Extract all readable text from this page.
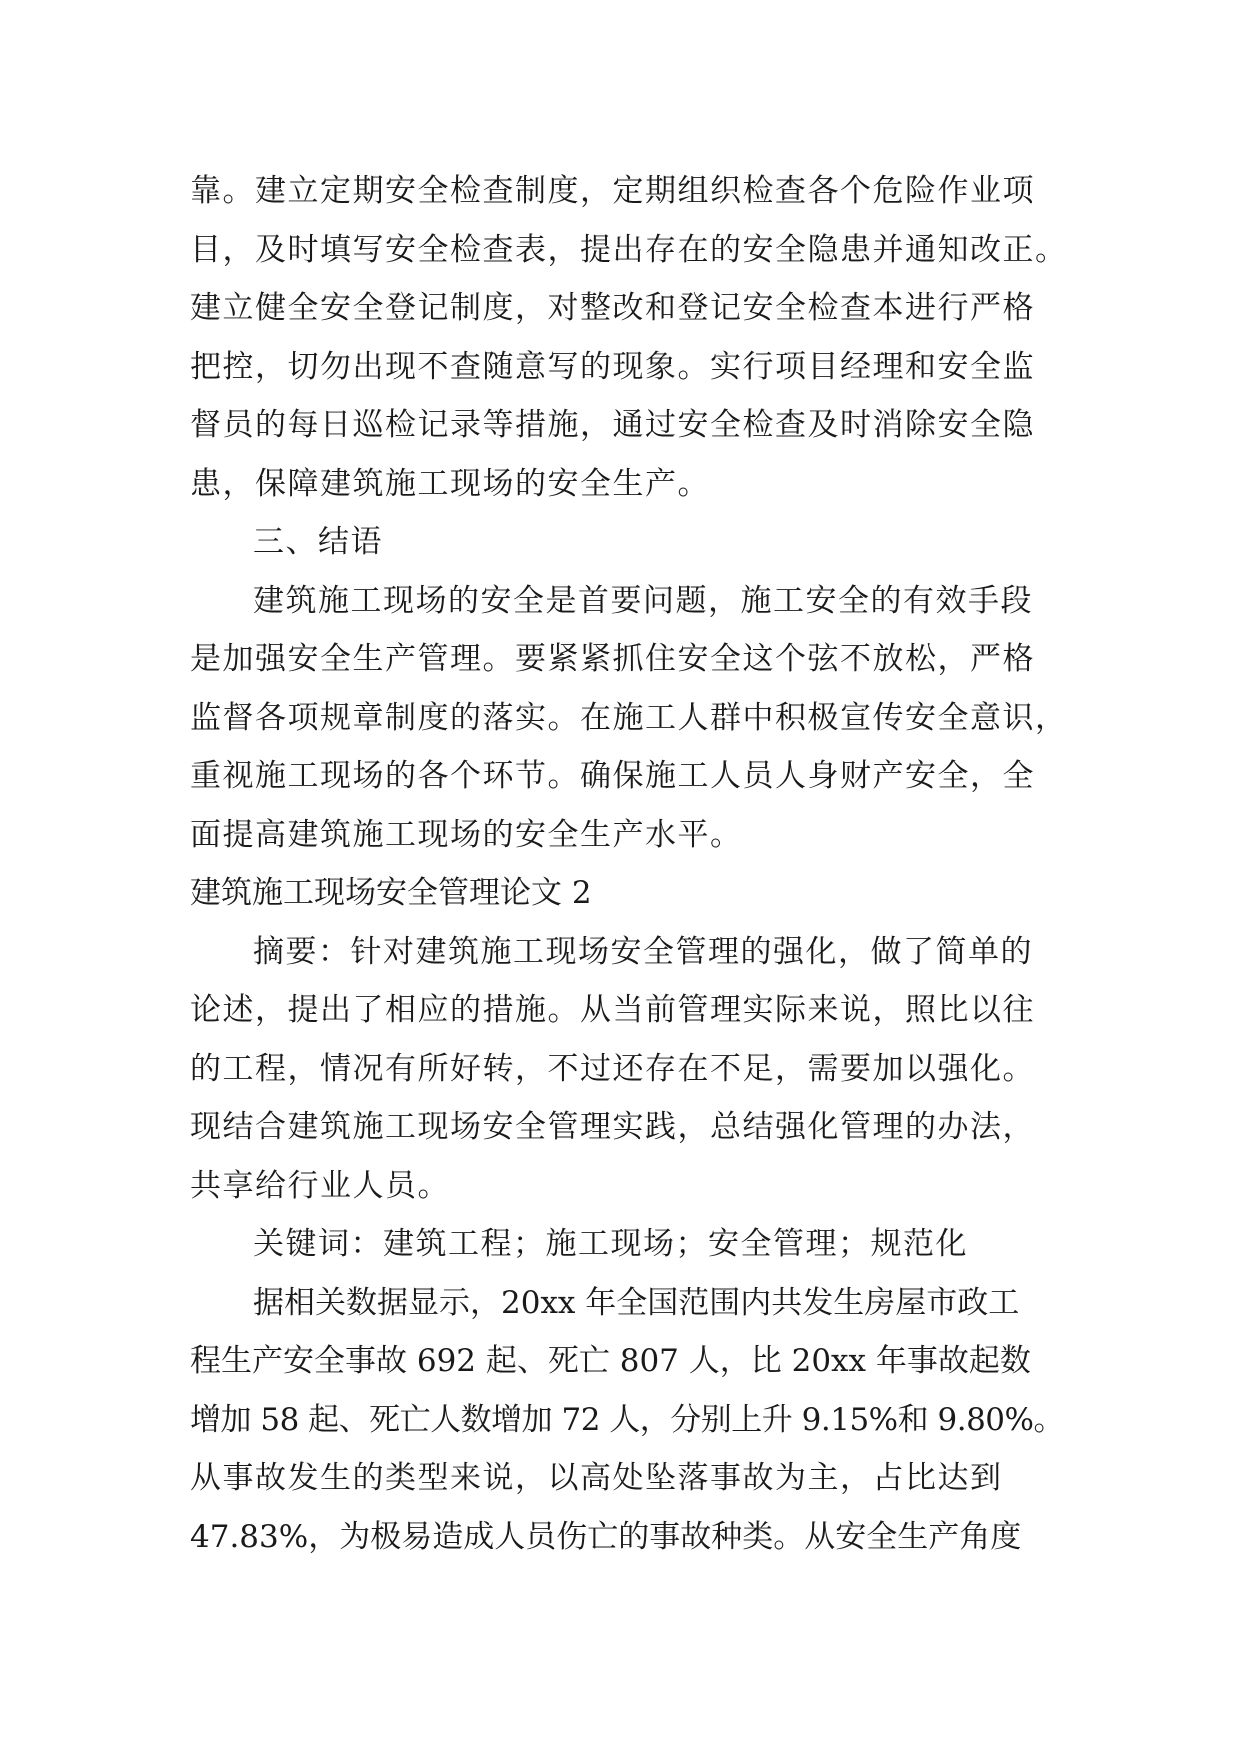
靠。建立定期安全检查制度，定期组织检查各个危险作业项
目，及时填写安全检查表，提出存在的安全隐患并通知改正。
建立健全安全登记制度，对整改和登记安全检查本进行严格
把控，切勿出现不查随意写的现象。实行项目经理和安全监
督员的每日巡检记录等措施，通过安全检查及时消除安全隐
患，保障建筑施工现场的安全生产。
三、结语
建筑施工现场的安全是首要问题，施工安全的有效手段
是加强安全生产管理。要紧紧抓住安全这个弦不放松，严格
监督各项规章制度的落实。在施工人群中积极宣传安全意识，
重视施工现场的各个环节。确保施工人员人身财产安全，全
面提高建筑施工现场的安全生产水平。
建筑施工现场安全管理论文 2
摘要：针对建筑施工现场安全管理的强化，做了简单的
论述，提出了相应的措施。从当前管理实际来说，照比以往
的工程，情况有所好转，不过还存在不足，需要加以强化。
现结合建筑施工现场安全管理实践，总结强化管理的办法，
共享给行业人员。
关键词：建筑工程；施工现场；安全管理；规范化
据相关数据显示，20xx 年全国范围内共发生房屋市政工
程生产安全事故 692 起、死亡 807 人，比 20xx 年事故起数
增加 58 起、死亡人数增加 72 人，分别上升 9.15%和 9.80%。
从事故发生的类型来说，以高处坠落事故为主，占比达到
47.83%，为极易造成人员伤亡的事故种类。从安全生产角度
